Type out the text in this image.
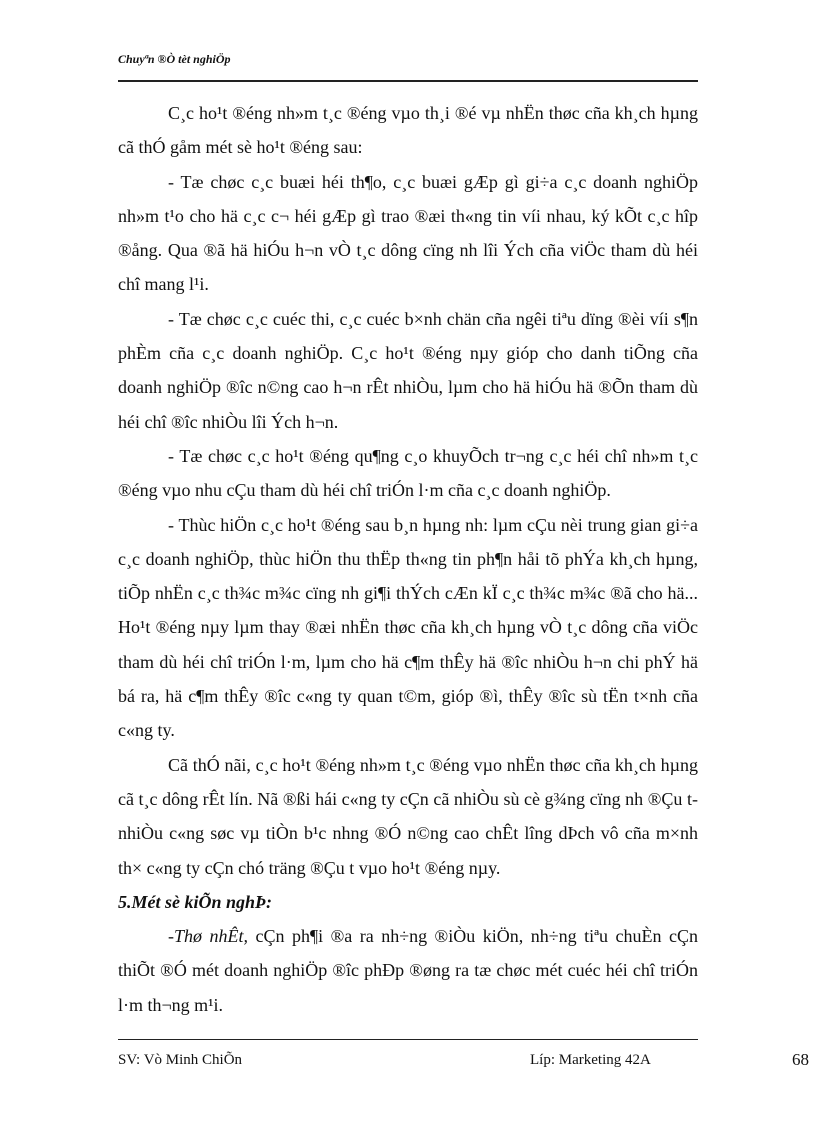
Chuyªn ®Ò tèt nghiÖp

C¸c ho¹t ®éng nh»m t¸c ®éng vµo th¸i ®é vµ nhËn thøc cña kh¸ch hµng cã thÓ gåm mét sè ho¹t ®éng sau:

- Tæ chøc c¸c buæi héi th¶o, c¸c buæi gÆp gì gi÷a c¸c doanh nghiÖp nh»m t¹o cho hä c¸c c¬ héi gÆp gì trao ®æi th«ng tin víi nhau, ký kÕt c¸c hîp ®ång. Qua ®ã hä hiÓu h¬n vÒ t¸c dông cïng nh lîi Ých cña viÖc tham dù héi chî mang l¹i.

- Tæ chøc c¸c cuéc thi, c¸c cuéc b×nh chän cña ngêi tiªu dïng ®èi víi s¶n phÈm cña c¸c doanh nghiÖp. C¸c ho¹t ®éng nµy gióp cho danh tiÕng cña doanh nghiÖp ®îc n©ng cao h¬n rÊt nhiÒu, lµm cho hä hiÓu hä ®Õn tham dù héi chî ®îc nhiÒu lîi Ých h¬n.

- Tæ chøc c¸c ho¹t ®éng qu¶ng c¸o khuyÕch tr¬ng c¸c héi chî nh»m t¸c ®éng vµo nhu cÇu tham dù héi chî triÓn l·m cña c¸c doanh nghiÖp.

- Thùc hiÖn c¸c ho¹t ®éng sau b¸n hµng nh: lµm cÇu nèi trung gian gi÷a c¸c doanh nghiÖp, thùc hiÖn thu thËp th«ng tin ph¶n håi tõ phÝa kh¸ch hµng, tiÕp nhËn c¸c th¾c m¾c cïng nh gi¶i thÝch cÆn kÏ c¸c th¾c m¾c ®ã cho hä... Ho¹t ®éng nµy lµm thay ®æi nhËn thøc cña kh¸ch hµng vÒ t¸c dông cña viÖc tham dù héi chî triÓn l·m, lµm cho hä c¶m thÊy hä ®îc nhiÒu h¬n chi phÝ hä bá ra, hä c¶m thÊy ®îc c«ng ty quan t©m, gióp ®ì, thÊy ®îc sù tËn t×nh cña c«ng ty.

Cã thÓ nãi, c¸c ho¹t ®éng nh»m t¸c ®éng vµo nhËn thøc cña kh¸ch hµng cã t¸c dông rÊt lín. Nã ®ßi hái c«ng ty cÇn cã nhiÒu sù cè g¾ng cïng nh ®Çu t nhiÒu c«ng søc vµ tiÒn b¹c nhng ®Ó n©ng cao chÊt lîng dÞch vô cña m×nh th× c«ng ty cÇn chó träng ®Çu t vµo ho¹t ®éng nµy.

5.Mét sè kiÕn nghÞ:

-Thø nhÊt, cÇn ph¶i ®a ra nh÷ng ®iÒu kiÖn, nh÷ng tiªu chuÈn cÇn thiÕt ®Ó mét doanh nghiÖp ®îc phÐp ®øng ra tæ chøc mét cuéc héi chî triÓn l·m th¬ng m¹i.

SV: Vò Minh ChiÕn	Líp: Marketing 42A	68
